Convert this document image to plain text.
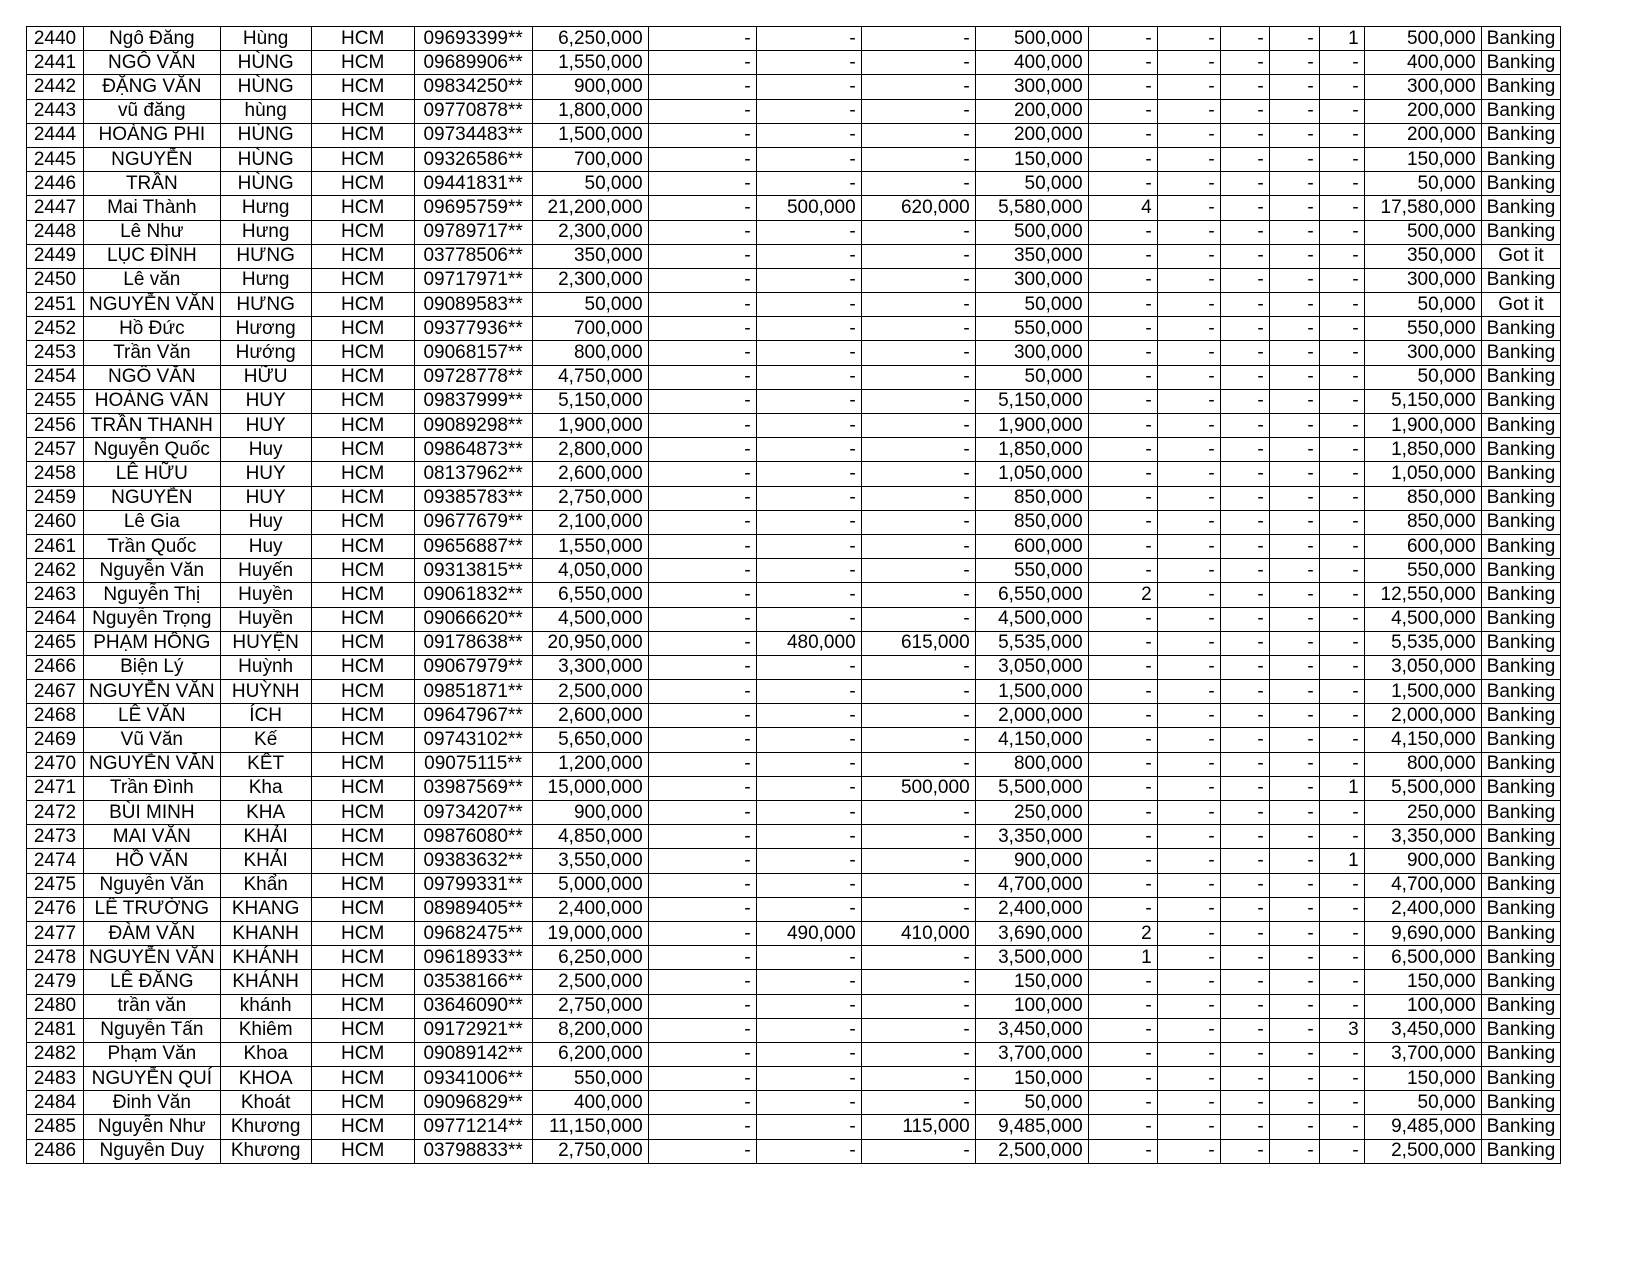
2440	Ngô Đăng	Hùng	HCM	09693399**	6,250,000	-	-	-	500,000	-	-	-	-	1	500,000	Banking
2441	NGÔ VĂN	HÙNG	HCM	09689906**	1,550,000	-	-	-	400,000	-	-	-	-	-	400,000	Banking
2442	ĐẶNG VĂN	HÙNG	HCM	09834250**	900,000	-	-	-	300,000	-	-	-	-	-	300,000	Banking
2443	vũ đăng	hùng	HCM	09770878**	1,800,000	-	-	-	200,000	-	-	-	-	-	200,000	Banking
2444	HOÀNG PHI	HÙNG	HCM	09734483**	1,500,000	-	-	-	200,000	-	-	-	-	-	200,000	Banking
2445	NGUYỄN	HÙNG	HCM	09326586**	700,000	-	-	-	150,000	-	-	-	-	-	150,000	Banking
2446	TRẦN	HÙNG	HCM	09441831**	50,000	-	-	-	50,000	-	-	-	-	-	50,000	Banking
2447	Mai Thành	Hưng	HCM	09695759**	21,200,000	-	500,000	620,000	5,580,000	4	-	-	-	-	17,580,000	Banking
2448	Lê Như	Hưng	HCM	09789717**	2,300,000	-	-	-	500,000	-	-	-	-	-	500,000	Banking
2449	LỤC ĐÌNH	HƯNG	HCM	03778506**	350,000	-	-	-	350,000	-	-	-	-	-	350,000	Got it
2450	Lê văn	Hưng	HCM	09717971**	2,300,000	-	-	-	300,000	-	-	-	-	-	300,000	Banking
2451	NGUYỄN VĂN	HƯNG	HCM	09089583**	50,000	-	-	-	50,000	-	-	-	-	-	50,000	Got it
2452	Hồ Đức	Hương	HCM	09377936**	700,000	-	-	-	550,000	-	-	-	-	-	550,000	Banking
2453	Trần Văn	Hướng	HCM	09068157**	800,000	-	-	-	300,000	-	-	-	-	-	300,000	Banking
2454	NGÔ VĂN	HỮU	HCM	09728778**	4,750,000	-	-	-	50,000	-	-	-	-	-	50,000	Banking
2455	HOÀNG VĂN	HUY	HCM	09837999**	5,150,000	-	-	-	5,150,000	-	-	-	-	-	5,150,000	Banking
2456	TRẦN THANH	HUY	HCM	09089298**	1,900,000	-	-	-	1,900,000	-	-	-	-	-	1,900,000	Banking
2457	Nguyễn Quốc	Huy	HCM	09864873**	2,800,000	-	-	-	1,850,000	-	-	-	-	-	1,850,000	Banking
2458	LÊ HỮU	HUY	HCM	08137962**	2,600,000	-	-	-	1,050,000	-	-	-	-	-	1,050,000	Banking
2459	NGUYỄN	HUY	HCM	09385783**	2,750,000	-	-	-	850,000	-	-	-	-	-	850,000	Banking
2460	Lê Gia	Huy	HCM	09677679**	2,100,000	-	-	-	850,000	-	-	-	-	-	850,000	Banking
2461	Trần Quốc	Huy	HCM	09656887**	1,550,000	-	-	-	600,000	-	-	-	-	-	600,000	Banking
2462	Nguyễn Văn	Huyến	HCM	09313815**	4,050,000	-	-	-	550,000	-	-	-	-	-	550,000	Banking
2463	Nguyễn Thị	Huyền	HCM	09061832**	6,550,000	-	-	-	6,550,000	2	-	-	-	-	12,550,000	Banking
2464	Nguyễn Trọng	Huyền	HCM	09066620**	4,500,000	-	-	-	4,500,000	-	-	-	-	-	4,500,000	Banking
2465	PHẠM HỒNG	HUYỆN	HCM	09178638**	20,950,000	-	480,000	615,000	5,535,000	-	-	-	-	-	5,535,000	Banking
2466	Biện Lý	Huỳnh	HCM	09067979**	3,300,000	-	-	-	3,050,000	-	-	-	-	-	3,050,000	Banking
2467	NGUYỄN VĂN	HUỲNH	HCM	09851871**	2,500,000	-	-	-	1,500,000	-	-	-	-	-	1,500,000	Banking
2468	LÊ VĂN	ÍCH	HCM	09647967**	2,600,000	-	-	-	2,000,000	-	-	-	-	-	2,000,000	Banking
2469	Vũ Văn	Kế	HCM	09743102**	5,650,000	-	-	-	4,150,000	-	-	-	-	-	4,150,000	Banking
2470	NGUYỄN VĂN	KẾT	HCM	09075115**	1,200,000	-	-	-	800,000	-	-	-	-	-	800,000	Banking
2471	Trần Đình	Kha	HCM	03987569**	15,000,000	-	-	500,000	5,500,000	-	-	-	-	1	5,500,000	Banking
2472	BÙI MINH	KHA	HCM	09734207**	900,000	-	-	-	250,000	-	-	-	-	-	250,000	Banking
2473	MAI VĂN	KHẢI	HCM	09876080**	4,850,000	-	-	-	3,350,000	-	-	-	-	-	3,350,000	Banking
2474	HỒ VĂN	KHẢI	HCM	09383632**	3,550,000	-	-	-	900,000	-	-	-	-	1	900,000	Banking
2475	Nguyễn Văn	Khẩn	HCM	09799331**	5,000,000	-	-	-	4,700,000	-	-	-	-	-	4,700,000	Banking
2476	LÊ TRƯỜNG	KHANG	HCM	08989405**	2,400,000	-	-	-	2,400,000	-	-	-	-	-	2,400,000	Banking
2477	ĐÀM VĂN	KHANH	HCM	09682475**	19,000,000	-	490,000	410,000	3,690,000	2	-	-	-	-	9,690,000	Banking
2478	NGUYỄN VĂN	KHÁNH	HCM	09618933**	6,250,000	-	-	-	3,500,000	1	-	-	-	-	6,500,000	Banking
2479	LÊ ĐĂNG	KHÁNH	HCM	03538166**	2,500,000	-	-	-	150,000	-	-	-	-	-	150,000	Banking
2480	trần văn	khánh	HCM	03646090**	2,750,000	-	-	-	100,000	-	-	-	-	-	100,000	Banking
2481	Nguyễn Tấn	Khiêm	HCM	09172921**	8,200,000	-	-	-	3,450,000	-	-	-	-	3	3,450,000	Banking
2482	Phạm Văn	Khoa	HCM	09089142**	6,200,000	-	-	-	3,700,000	-	-	-	-	-	3,700,000	Banking
2483	NGUYỄN QUÍ	KHOA	HCM	09341006**	550,000	-	-	-	150,000	-	-	-	-	-	150,000	Banking
2484	Đinh Văn	Khoát	HCM	09096829**	400,000	-	-	-	50,000	-	-	-	-	-	50,000	Banking
2485	Nguyễn Như	Khương	HCM	09771214**	11,150,000	-	-	115,000	9,485,000	-	-	-	-	-	9,485,000	Banking
2486	Nguyễn Duy	Khương	HCM	03798833**	2,750,000	-	-	-	2,500,000	-	-	-	-	-	2,500,000	Banking
